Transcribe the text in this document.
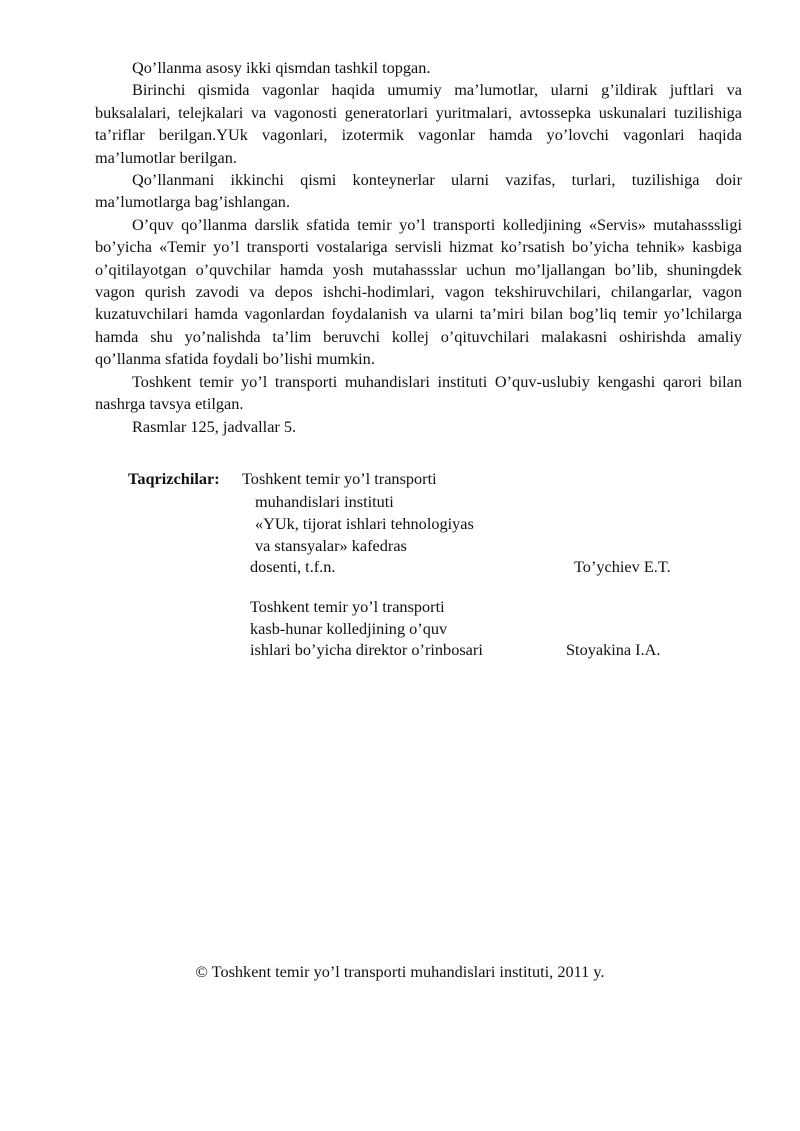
Qo’llanma asosy ikki qismdan tashkil topgan.

Birinchi qismida vagonlar haqida umumiy ma’lumotlar, ularni g’ildirak juftlari va buksalalari, telejkalari va vagonosti generatorlari yuritmalari, avtossepka uskunalari tuzilishiga ta’riflar berilgan.YUk vagonlari, izotermik vagonlar hamda yo’lovchi vagonlari haqida ma’lumotlar berilgan.

Qo’llanmani ikkinchi qismi konteynerlar ularni vazifas, turlari, tuzilishiga doir ma’lumotlarga bag’ishlangan.

O’quv qo’llanma darslik sfatida temir yo’l transporti kolledjining «Servis» mutahasssligi bo’yicha «Temir yo’l transporti vostalariga servisli hizmat ko’rsatish bo’yicha tehnik» kasbiga o’qitilayotgan o’quvchilar hamda yosh mutahassslar uchun mo’ljallangan bo’lib, shuningdek vagon qurish zavodi va depos ishchi-hodimlari, vagon tekshiruvchilari, chilangarlar, vagon kuzatuvchilari hamda vagonlardan foydalanish va ularni ta’miri bilan bog’liq temir yo’lchilarga hamda shu yo’nalishda ta’lim beruvchi kollej o’qituvchilari malakasni oshirishda amaliy qo’llanma sfatida foydali bo’lishi mumkin.

Toshkent temir yo’l transporti muhandislari instituti O’quv-uslubiy kengashi qarori bilan nashrga tavsya etilgan.

Rasmlar 125, jadvallar 5.

Taqrizchilar: Toshkent temir yo’l transporti
muhandislari instituti
«YUk, tijorat ishlari tehnologiyas
va stansyalar» kafedras
dosenti, t.f.n.	To’ychiev E.T.
Toshkent temir yo’l transporti
kasb-hunar kolledjining o’quv
ishlari bo’yicha direktor o’rinbosari	Stoyakina I.A.
© Toshkent temir yo’l transporti muhandislari instituti, 2011 y.
